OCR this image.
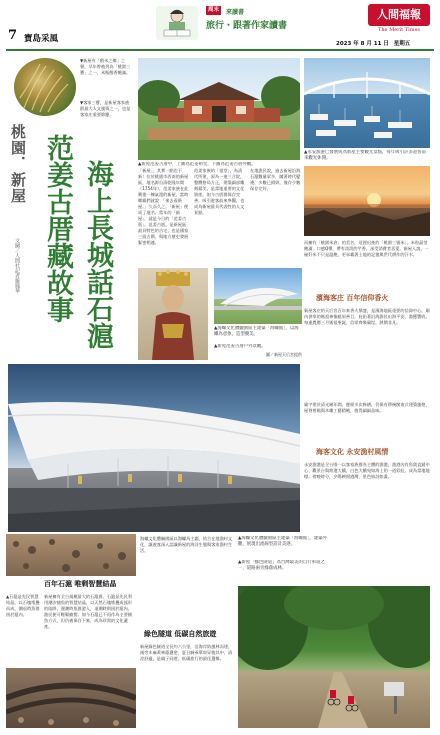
7 寶島采風
周末	來讀書
旅行・跟著作家讀書
人間福報
The Merit Times
2023 年 8 月 11 日 星期五
▼新屋有「稻米之鄉」之譽，早年曾被列為「桃園三寶」之一，米飯醇香飽滿。
▼客家三寶，是新屋客家族群最大人文風情之一，也是客家庄重要節慶。
桃園．新屋
文圖／人間社記者羅鳳華 范姜古厝藏故事 海上長城話石滬
▲永安漁港已發展成為新屋主要觀光景點，每年吸引許多遊客前來觀光休閒。
「新屋」，其實一點也不新！位於桃園市西南的新屋區，地名源自清乾隆年間（1754年），范姜家族在此興建一棟氣派的新屋，當時鄉親們就說：「來去看新屋。」久而久之，「新屋」便成了地名。當年的「新屋」，就是今日的「范姜古厝」。范姜古厝，是新屋區最具特色的古宅，也是國家三級古蹟，與地方歷史發展緊密相連。
范姜家族的「祖堂」，為清代所建，原為一進三合院，整體格局方正，建築細部雕刻精美，是當地重要的文化資產。如今古厝群保存完善，吸引遊客前來參觀，也成為新屋最具代表性的人文景點。
在地漁民說，過去新屋沿海石滬數量眾多，隨著時代變遷，多數已損毀，僅存少數保存完好。
圖／新屋天后宮提供
而擁有「桃園米倉」的美名，這裡出產的「桃園三號米」，米粒晶瑩飽滿，口感Q彈，帶有淡淡的芋香，深受消費者喜愛。新屋人說，一碗好米不只是溫飽，更承載著土地的記憶與世代耕作的汗水。
濱海客庄 百年信仰香火
新屋客庄的天后宮百年來香火鼎盛，是濱海地區重要的信仰中心。廟內供奉的媽祖神像慈眉善目，庇佑著沿海漁民出海平安、漁獲豐收。每逢農曆三月媽祖聖誕，信眾齊聚廟埕，熱鬧非凡。
廟宇建於清光緒年間，歷經多次修繕，仍保有傳統閩南式建築風格，屋脊剪黏與木雕工藝精緻，值得細細品味。
▲海螺文化體驗園區主建築「海螺館」，以海螺為意象，造型優美。
▲新屋范姜古厝戶外景觀。
海客文化 永安漁村風情
永安漁港是全台唯一以客家族群為主體的漁港，漁港內有魚貨直銷中心、觀景台與跨港大橋，白色大橋宛如海上的一道彩虹，成為當地地標。傍晚時分，夕陽映照港灣，景色如詩如畫。
百年石滬 唯剩智慧結晶
▲石滬是先民智慧結晶，以石塊堆疊而成，潮退時魚群困於滬內。
新屋擁有全台規模最大的石滬群，石滬是先民利用潮汐捕魚的智慧結晶，以天然石塊堆疊成弧形的陷阱，漲潮時魚群游入，退潮時則困於滬內，漁民便可輕鬆捕撈。如今石滬已不再作為主要捕魚方式，但仍被保存下來，成為珍貴的文化遺產。
海螺文化體驗園區以海螺為主題，結合在地漁村文化，讓遊客深入認識新屋的海洋生態與客家漁村生活。
綠色隧道 低碳自然旅遊
新屋綠色隧道全長約六公里，沿海岸防風林而建，兩旁木麻黃林蔭濃密，夏日騎乘單車穿梭其中，清涼舒適，是親子同遊、低碳旅行的最佳選擇。
▲海螺文化體驗園區主建築「海螺館」，建築外觀，展現出流線型設計美感。
▲新屋「綠色隧道」為台灣最美的自行車道之一，道路兩旁綠蔭成林。
▲新屋范姜古厝中，上圖為范姜祖堂，下圖為范姜古厝外觀。
